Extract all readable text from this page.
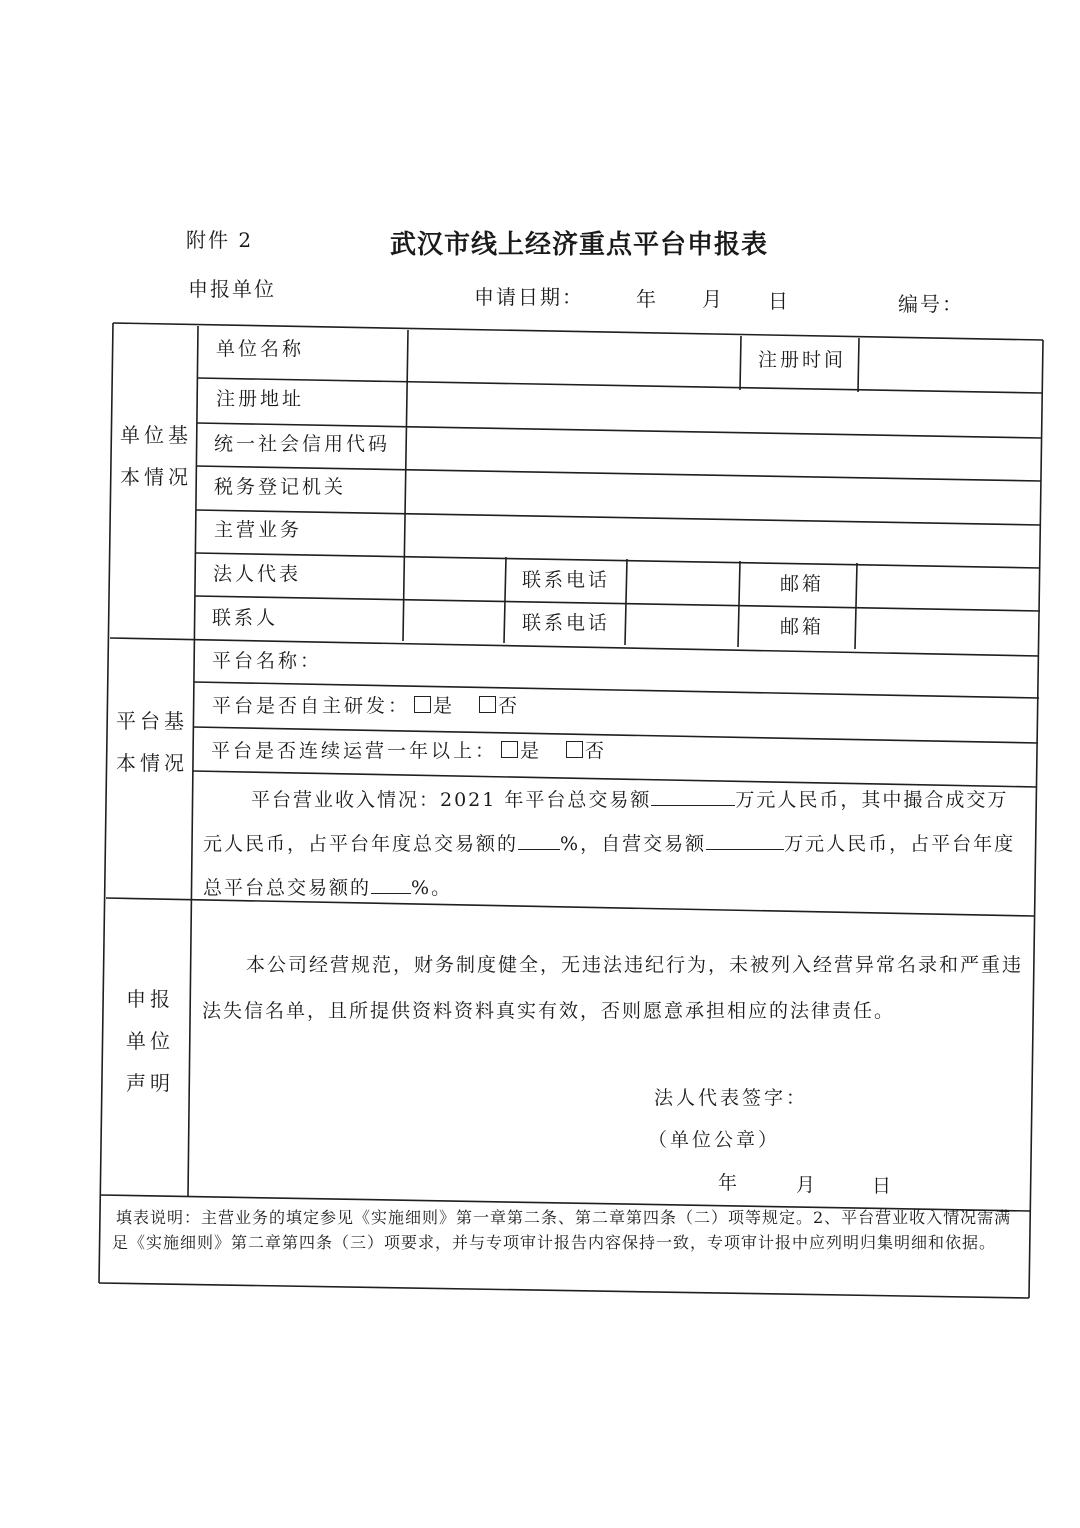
附件 2	武汉市线上经济重点平台申报表
申报单位	申请日期：	年 月 日	编号：
单位基本情况
单位名称	注册时间
注册地址
统一社会信用代码
税务登记机关
主营业务
法人代表	联系电话	邮箱
联系人	联系电话	邮箱
平台基本情况
平台名称：
平台是否自主研发： 是 否
平台是否连续运营一年以上： 是 否
平台营业收入情况：2021 年平台总交易额	万元人民币，其中撮合成交万元人民币，占平台年度总交易额的 %，自营交易额	万元人民币，占平台年度总平台总交易额的 %。
申报单位声明
本公司经营规范，财务制度健全，无违法违纪行为，未被列入经营异常名录和严重违法失信名单，且所提供资料资料真实有效，否则愿意承担相应的法律责任。
法人代表签字：
（单位公章）
年	月	日
填表说明：主营业务的填定参见《实施细则》第一章第二条、第二章第四条（二）项等规定。2、平台营业收入情况需满足《实施细则》第二章第四条（三）项要求，并与专项审计报告内容保持一致，专项审计报中应列明归集明细和依据。
